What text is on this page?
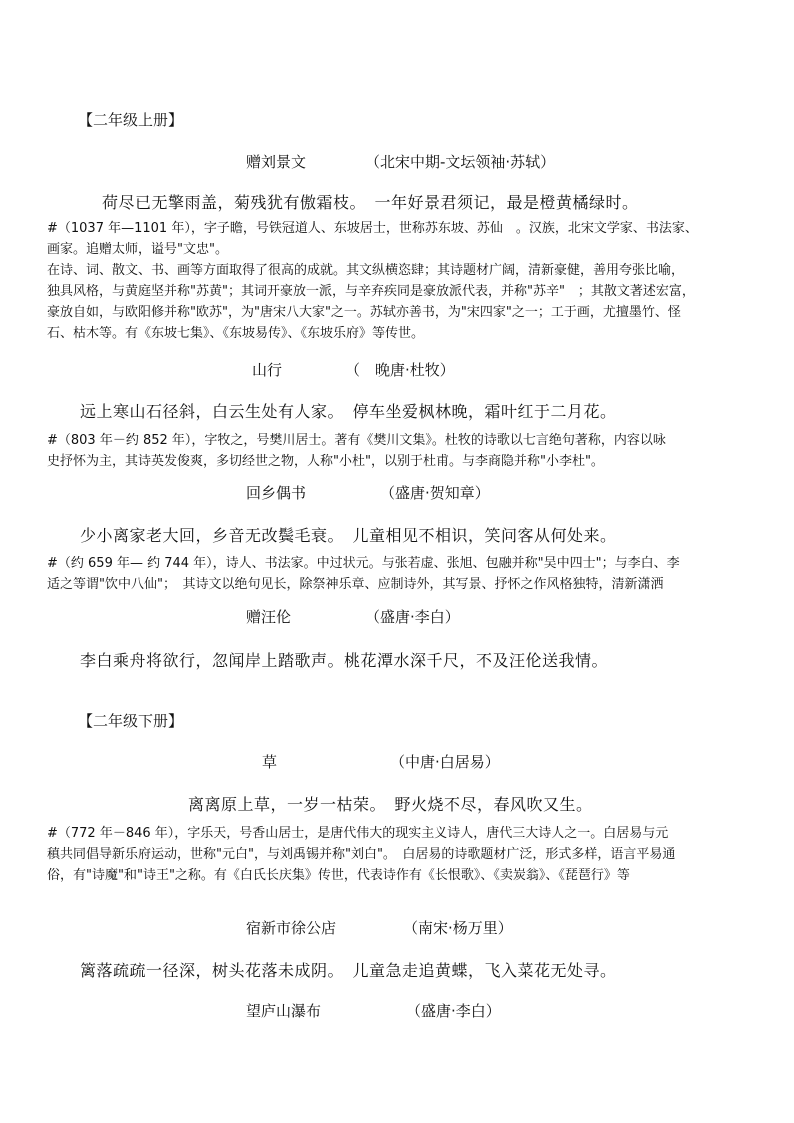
【二年级上册】
赠刘景文	（北宋中期-文坛领袖·苏轼）
荷尽已无擎雨盖，菊残犹有傲霜枝。　一年好景君须记，最是橙黄橘绿时。
#（1037 年—1101 年），字子瞻，号铁冠道人、东坡居士，世称苏东坡、苏仙　。汉族，北宋文学家、书法家、
画家。追赠太师，谥号"文忠"。
在诗、词、散文、书、画等方面取得了很高的成就。其文纵横恣肆；其诗题材广阔，清新豪健，善用夸张比喻，
独具风格，与黄庭坚并称"苏黄"；其词开豪放一派，与辛弃疾同是豪放派代表，并称"苏辛"　；其散文著述宏富，
豪放自如，与欧阳修并称"欧苏"，为"唐宋八大家"之一。苏轼亦善书，为"宋四家"之一；工于画，尤擅墨竹、怪
石、枯木等。有《东坡七集》、《东坡易传》、《东坡乐府》等传世。
山行	（　晚唐·杜牧）
远上寒山石径斜，白云生处有人家。　停车坐爱枫林晚，霜叶红于二月花。
#（803 年－约 852 年），字牧之，号樊川居士。著有《樊川文集》。杜牧的诗歌以七言绝句著称，内容以咏
史抒怀为主，其诗英发俊爽，多切经世之物，人称"小杜"，以别于杜甫。与李商隐并称"小李杜"。
回乡偶书	（盛唐·贺知章）
少小离家老大回，乡音无改鬓毛衰。　儿童相见不相识，笑问客从何处来。
#（约 659 年— 约 744 年），诗人、书法家。中过状元。与张若虚、张旭、包融并称"吴中四士"；与李白、李
适之等谓"饮中八仙"；　其诗文以绝句见长，除祭神乐章、应制诗外，其写景、抒怀之作风格独特，清新潇洒
赠汪伦	（盛唐·李白）
李白乘舟将欲行，忽闻岸上踏歌声。桃花潭水深千尺，不及汪伦送我情。
【二年级下册】
草	（中唐·白居易）
离离原上草，一岁一枯荣。　野火烧不尽，春风吹又生。
#（772 年－846 年），字乐天，号香山居士，是唐代伟大的现实主义诗人，唐代三大诗人之一。白居易与元
稹共同倡导新乐府运动，世称"元白"，与刘禹锡并称"刘白"。　白居易的诗歌题材广泛，形式多样，语言平易通
俗，有"诗魔"和"诗王"之称。有《白氏长庆集》传世，代表诗作有《长恨歌》、《卖炭翁》、《琵琶行》等
宿新市徐公店	（南宋·杨万里）
篱落疏疏一径深，树头花落未成阴。　儿童急走追黄蝶，飞入菜花无处寻。
望庐山瀑布	（盛唐·李白）
